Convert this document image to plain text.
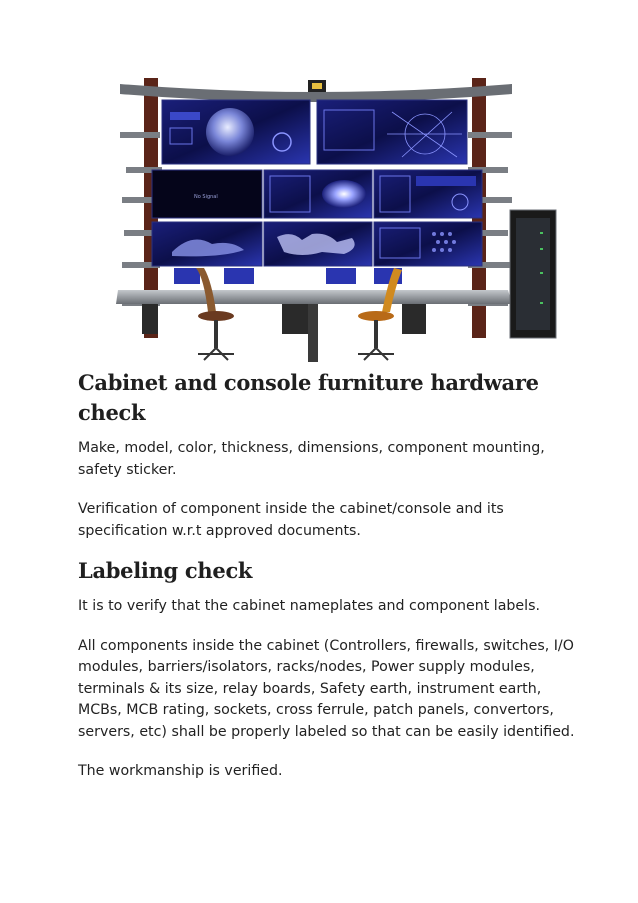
No Signal
Cabinet and console furniture hardware check

Make, model, color, thickness, dimensions, component mounting, safety sticker.

Verification of component inside the cabinet/console and its specification w.r.t approved documents.

Labeling check

It is to verify that the cabinet nameplates and component labels.

All components inside the cabinet (Controllers, firewalls, switches, I/O modules, barriers/isolators, racks/nodes, Power supply modules, terminals & its size, relay boards, Safety earth, instrument earth, MCBs, MCB rating, sockets, cross ferrule, patch panels, convertors, servers, etc) shall be properly labeled so that can be easily identified.

The workmanship is verified.
